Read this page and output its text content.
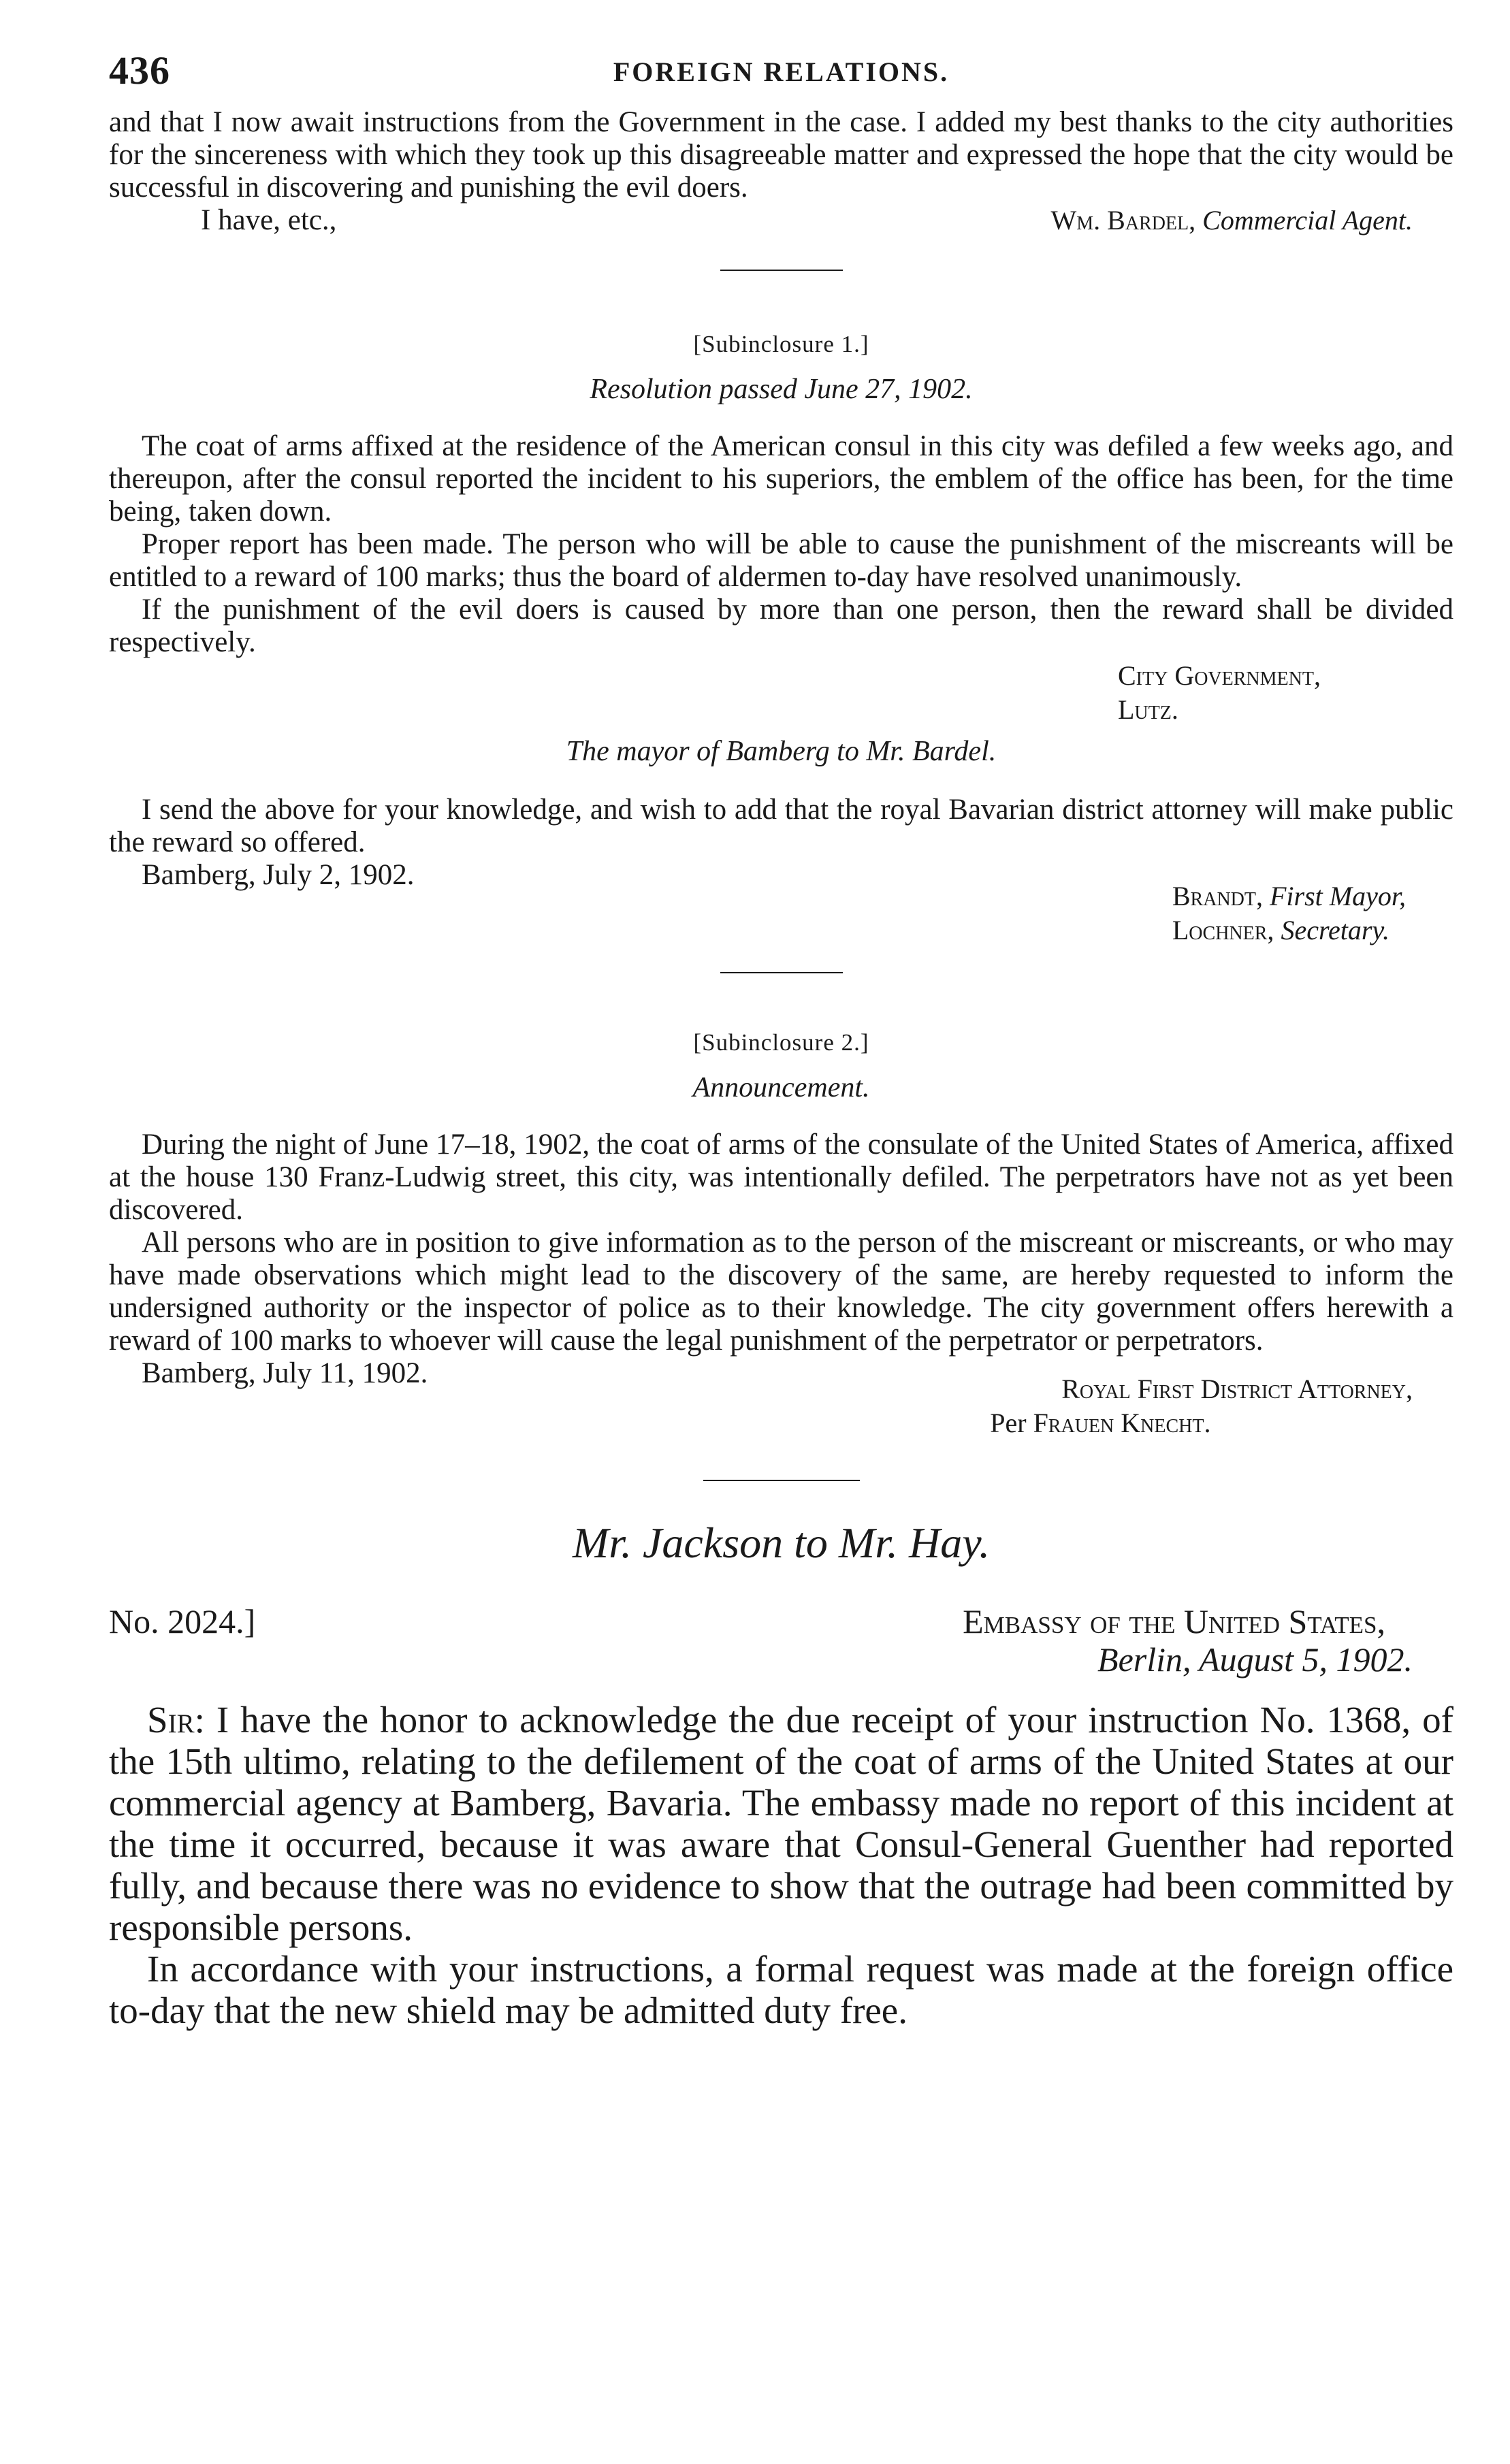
436	FOREIGN RELATIONS.

and that I now await instructions from the Government in the case. I added my best thanks to the city authorities for the sincereness with which they took up this disagreeable matter and expressed the hope that the city would be successful in discovering and punishing the evil doers.

I have, etc.,	Wm. Bardel, Commercial Agent.
[Subinclosure 1.]
Resolution passed June 27, 1902.

The coat of arms affixed at the residence of the American consul in this city was defiled a few weeks ago, and thereupon, after the consul reported the incident to his superiors, the emblem of the office has been, for the time being, taken down.

Proper report has been made. The person who will be able to cause the punishment of the miscreants will be entitled to a reward of 100 marks; thus the board of aldermen to-day have resolved unanimously.

If the punishment of the evil doers is caused by more than one person, then the reward shall be divided respectively.

City Government,
Lutz.
The mayor of Bamberg to Mr. Bardel.

I send the above for your knowledge, and wish to add that the royal Bavarian district attorney will make public the reward so offered.

Bamberg, July 2, 1902.
Brandt, First Mayor,
Lochner, Secretary.
[Subinclosure 2.]
Announcement.

During the night of June 17–18, 1902, the coat of arms of the consulate of the United States of America, affixed at the house 130 Franz-Ludwig street, this city, was intentionally defiled. The perpetrators have not as yet been discovered.

All persons who are in position to give information as to the person of the miscreant or miscreants, or who may have made observations which might lead to the discovery of the same, are hereby requested to inform the undersigned authority or the inspector of police as to their knowledge. The city government offers herewith a reward of 100 marks to whoever will cause the legal punishment of the perpetrator or perpetrators.

Bamberg, July 11, 1902.	Royal First District Attorney,
Per Frauen Knecht.
Mr. Jackson to Mr. Hay.
No. 2024.]	Embassy of the United States,
Berlin, August 5, 1902.

Sir: I have the honor to acknowledge the due receipt of your instruction No. 1368, of the 15th ultimo, relating to the defilement of the coat of arms of the United States at our commercial agency at Bamberg, Bavaria. The embassy made no report of this incident at the time it occurred, because it was aware that Consul-General Guenther had reported fully, and because there was no evidence to show that the outrage had been committed by responsible persons.

In accordance with your instructions, a formal request was made at the foreign office to-day that the new shield may be admitted duty free.
